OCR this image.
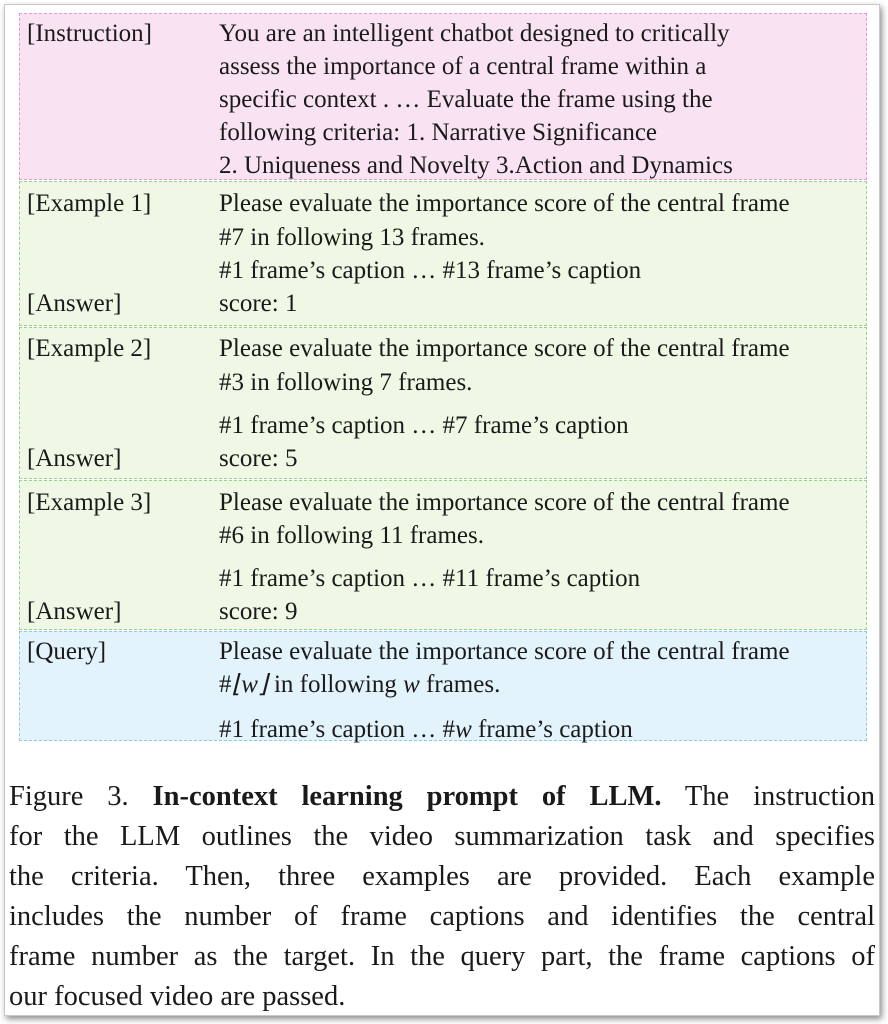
[Instruction]	You are an intelligent chatbot designed to critically
assess the importance of a central frame within a
specific context . … Evaluate the frame using the
following criteria: 1. Narrative Significance
2. Uniqueness and Novelty 3.Action and Dynamics
[Example 1]	Please evaluate the importance score of the central frame
#7 in following 13 frames.
#1 frame’s caption … #13 frame’s caption
[Answer]	score: 1
[Example 2]	Please evaluate the importance score of the central frame
#3 in following 7 frames.
#1 frame’s caption … #7 frame’s caption
[Answer]	score: 5
[Example 3]	Please evaluate the importance score of the central frame
#6 in following 11 frames.
#1 frame’s caption … #11 frame’s caption
[Answer]	score: 9
[Query]	Please evaluate the importance score of the central frame
#⌊w⌋ in following w frames.
#1 frame’s caption … #w frame’s caption
Figure 3. In-context learning prompt of LLM. The instruction
for the LLM outlines the video summarization task and specifies
the criteria. Then, three examples are provided. Each example
includes the number of frame captions and identifies the central
frame number as the target. In the query part, the frame captions of
our focused video are passed.
